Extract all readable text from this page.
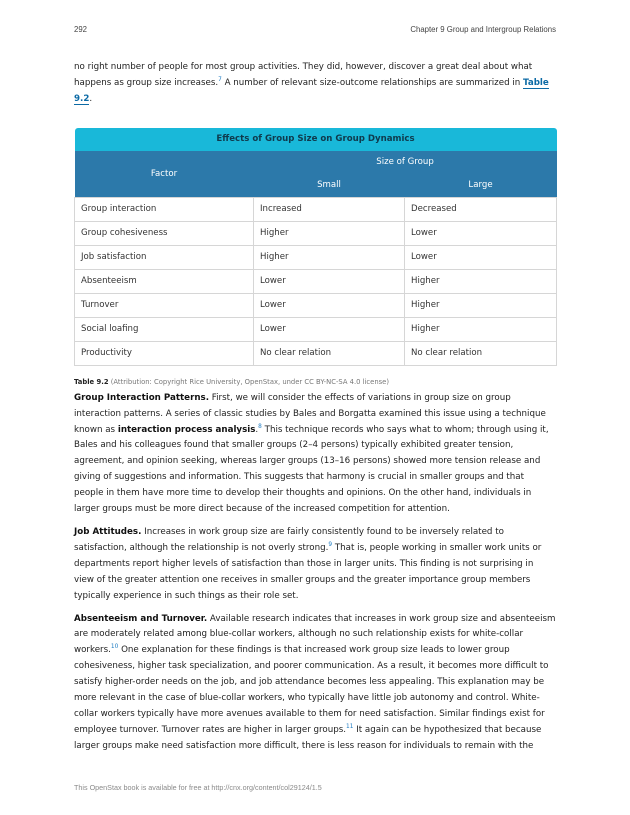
292	Chapter 9 Group and Intergroup Relations

no right number of people for most group activities. They did, however, discover a great deal about what happens as group size increases.$^7$ A number of relevant size-outcome relationships are summarized in Table 9.2.

Effects of Group Size on Group Dynamics		
Factor	Size of Group	
	Small	Large
Group interaction	Increased	Decreased
Group cohesiveness	Higher	Lower
Job satisfaction	Higher	Lower
Absenteeism	Lower	Higher
Turnover	Lower	Higher
Social loafing	Lower	Higher
Productivity	No clear relation	No clear relation
Table 9.2 (Attribution: Copyright Rice University, OpenStax, under CC BY-NC-SA 4.0 license)

Group Interaction Patterns. First, we will consider the effects of variations in group size on group interaction patterns. A series of classic studies by Bales and Borgatta examined this issue using a technique known as interaction process analysis.$^8$ This technique records who says what to whom; through using it, Bales and his colleagues found that smaller groups (2–4 persons) typically exhibited greater tension, agreement, and opinion seeking, whereas larger groups (13–16 persons) showed more tension release and giving of suggestions and information. This suggests that harmony is crucial in smaller groups and that people in them have more time to develop their thoughts and opinions. On the other hand, individuals in larger groups must be more direct because of the increased competition for attention.

Job Attitudes. Increases in work group size are fairly consistently found to be inversely related to satisfaction, although the relationship is not overly strong.$^9$ That is, people working in smaller work units or departments report higher levels of satisfaction than those in larger units. This finding is not surprising in view of the greater attention one receives in smaller groups and the greater importance group members typically experience in such things as their role set.

Absenteeism and Turnover. Available research indicates that increases in work group size and absenteeism are moderately related among blue-collar workers, although no such relationship exists for white-collar workers.$^{10}$ One explanation for these findings is that increased work group size leads to lower group cohesiveness, higher task specialization, and poorer communication. As a result, it becomes more difficult to satisfy higher-order needs on the job, and job attendance becomes less appealing. This explanation may be more relevant in the case of blue-collar workers, who typically have little job autonomy and control. White-collar workers typically have more avenues available to them for need satisfaction. Similar findings exist for employee turnover. Turnover rates are higher in larger groups.$^{11}$ It again can be hypothesized that because larger groups make need satisfaction more difficult, there is less reason for individuals to remain with the

This OpenStax book is available for free at http://cnx.org/content/col29124/1.5
